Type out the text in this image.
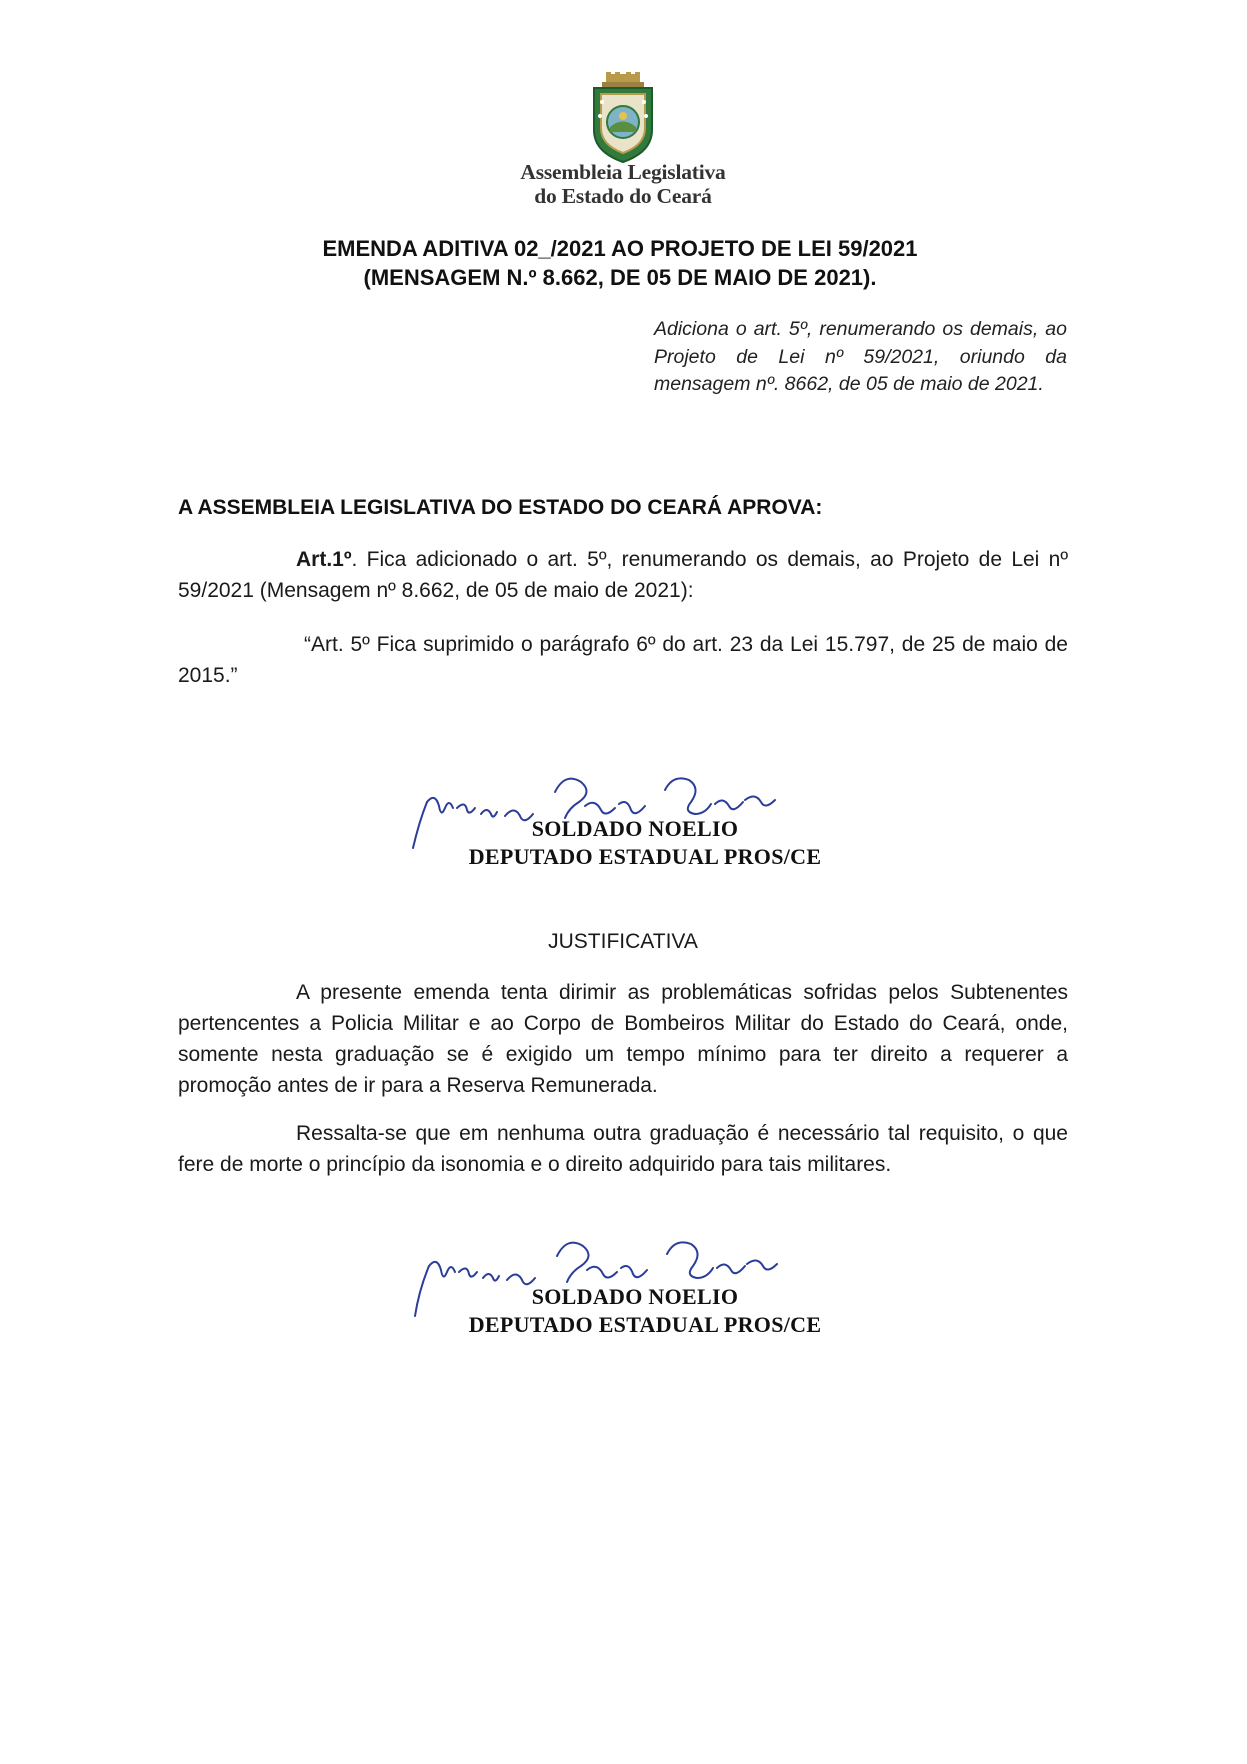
Assembleia Legislativa
do Estado do Ceará
EMENDA ADITIVA 02_/2021 AO PROJETO DE LEI 59/2021
(MENSAGEM N.º 8.662, DE 05 DE MAIO DE 2021).
Adiciona o art. 5º, renumerando os demais, ao Projeto de Lei nº 59/2021, oriundo da mensagem nº. 8662, de 05 de maio de 2021.
A ASSEMBLEIA LEGISLATIVA DO ESTADO DO CEARÁ APROVA:
Art.1º. Fica adicionado o art. 5º, renumerando os demais, ao Projeto de Lei nº 59/2021 (Mensagem nº 8.662, de 05 de maio de 2021):
“Art. 5º Fica suprimido o parágrafo 6º do art. 23 da Lei 15.797, de 25 de maio de 2015.”
SOLDADO NOELIO
DEPUTADO ESTADUAL PROS/CE
JUSTIFICATIVA
A presente emenda tenta dirimir as problemáticas sofridas pelos Subtenentes pertencentes a Policia Militar e ao Corpo de Bombeiros Militar do Estado do Ceará, onde, somente nesta graduação se é exigido um tempo mínimo para ter direito a requerer a promoção antes de ir para a Reserva Remunerada.
Ressalta-se que em nenhuma outra graduação é necessário tal requisito, o que fere de morte o princípio da isonomia e o direito adquirido para tais militares.
SOLDADO NOELIO
DEPUTADO ESTADUAL PROS/CE
